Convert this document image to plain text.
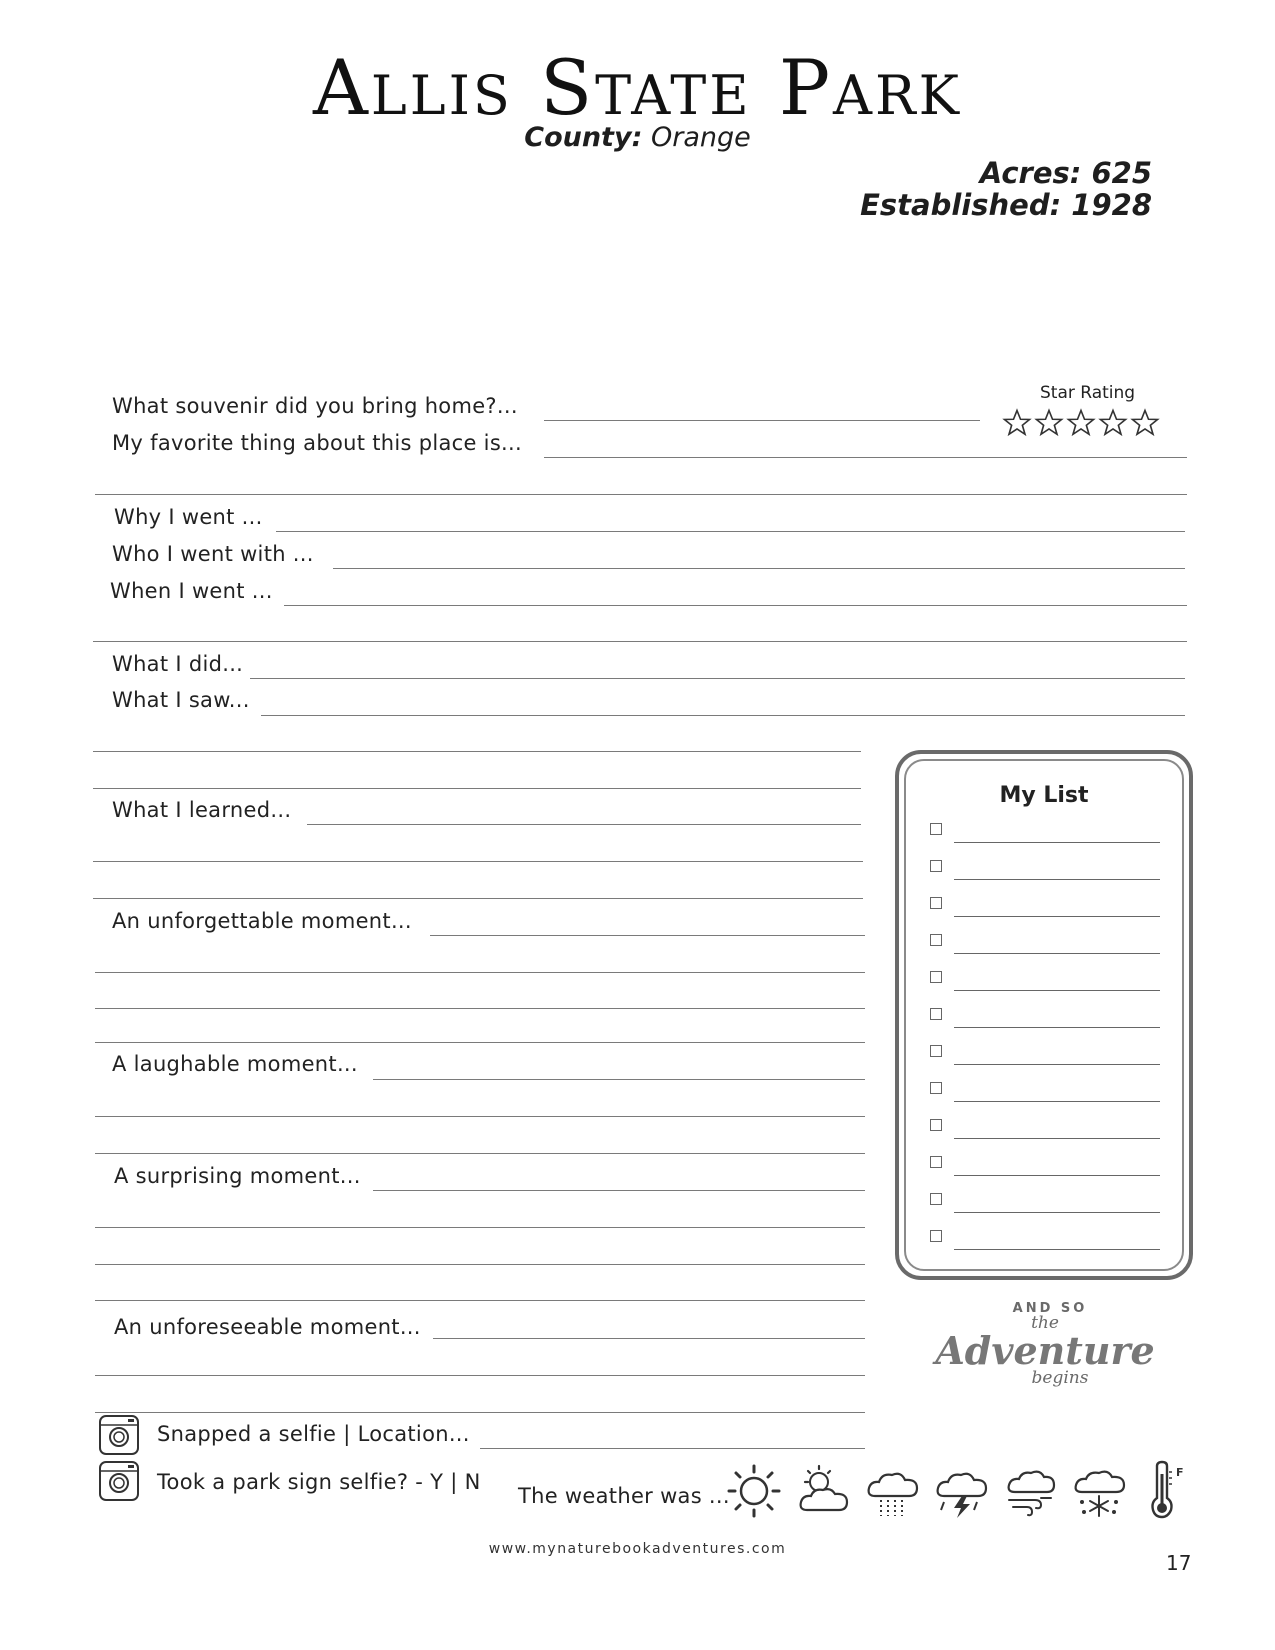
ALLIS STATE PARK
County: Orange
Acres: 625
Established: 1928
Star Rating
What souvenir did you bring home?...
My favorite thing about this place is...
Why I went ...
Who I went with ...
When I went ...
What I did...
What I saw...
What I learned...
An unforgettable moment...
A laughable moment...
A surprising moment...
An unforeseeable moment...
Snapped a selfie | Location...
Took a park sign selfie? - Y | N
The weather was ...
F
My List
AND SO
the
Adventure
begins
www.mynaturebookadventures.com
17
